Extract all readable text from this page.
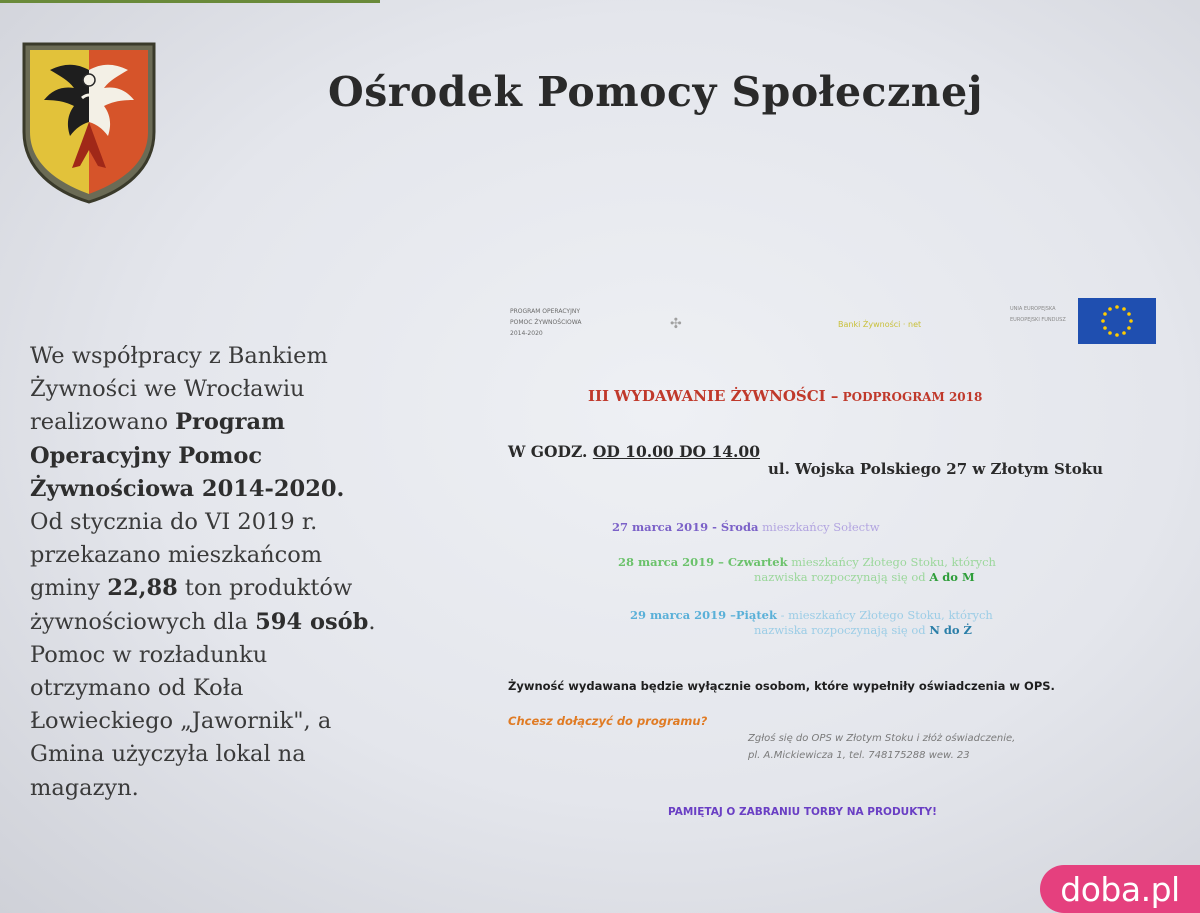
Ośrodek Pomocy Społecznej
We współpracy z Bankiem
Żywności we Wrocławiu
realizowano Program
Operacyjny Pomoc
Żywnościowa 2014-2020.
Od stycznia do VI 2019 r.
przekazano mieszkańcom
gminy 22,88 ton produktów
żywnościowych dla 594 osób.
Pomoc w rozładunku
otrzymano od Koła
Łowieckiego „Jawornik", a
Gmina użyczyła lokal na
magazyn.
PROGRAM OPERACYJNY
POMOC ŻYWNOŚCIOWA
2014-2020
✣	Banki Żywności · net
UNIA EUROPEJSKA
EUROPEJSKI FUNDUSZ
III WYDAWANIE ŻYWNOŚCI – PODPROGRAM 2018
W GODZ. OD 10.00 DO 14.00
ul. Wojska Polskiego 27 w Złotym Stoku
27 marca 2019 - Środa mieszkańcy Sołectw
28 marca 2019 – Czwartek mieszkańcy Złotego Stoku, których
nazwiska rozpoczynają się od A do M
29 marca 2019 –Piątek - mieszkańcy Złotego Stoku, których
nazwiska rozpoczynają się od N do Ż
Żywność wydawana będzie wyłącznie osobom, które wypełniły oświadczenia w OPS.
Chcesz dołączyć do programu?
Zgłoś się do OPS w Złotym Stoku i złóż oświadczenie,
pl. A.Mickiewicza 1, tel. 748175288 wew. 23
PAMIĘTAJ O ZABRANIU TORBY NA PRODUKTY!
doba.pl
